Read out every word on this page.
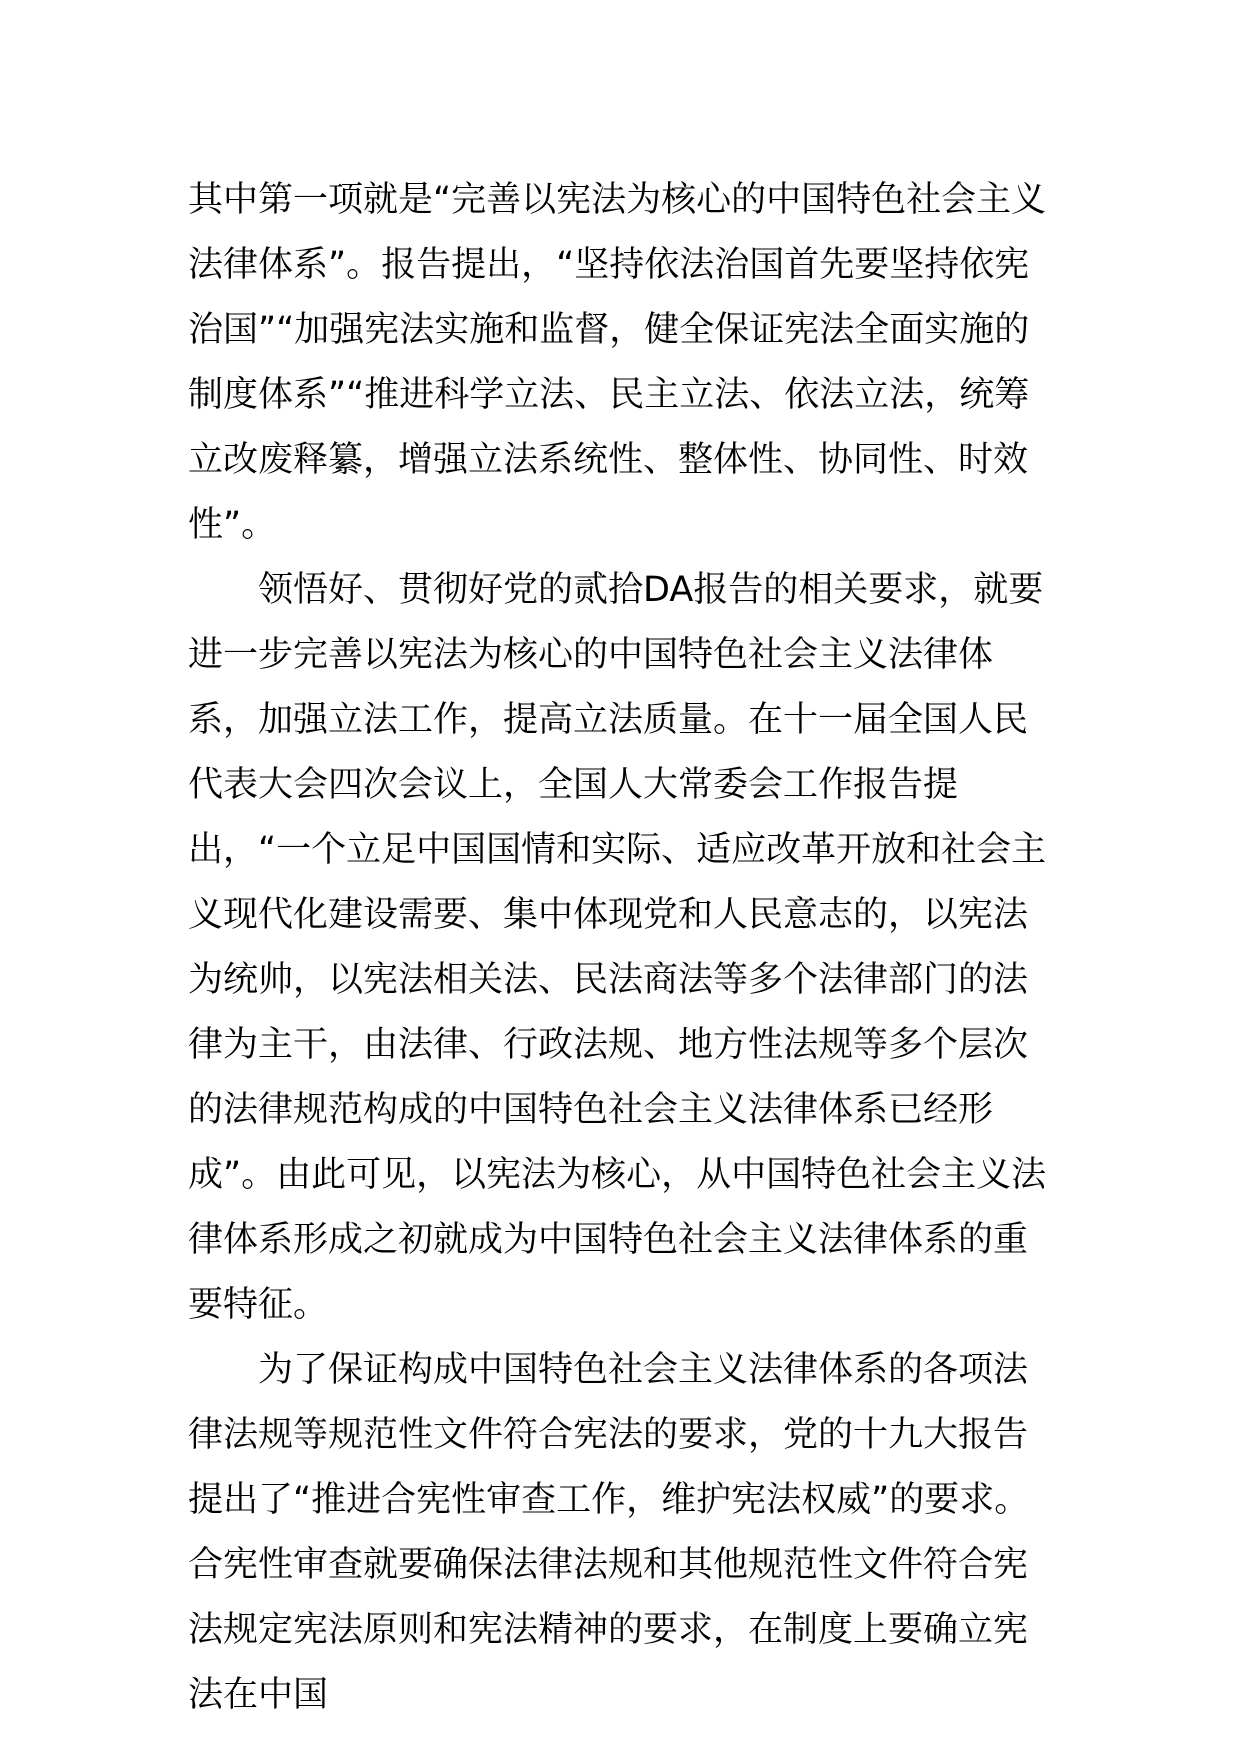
其中第一项就是“完善以宪法为核心的中国特色社会主义法律体系”。报告提出，“坚持依法治国首先要坚持依宪治国”“加强宪法实施和监督，健全保证宪法全面实施的制度体系”“推进科学立法、民主立法、依法立法，统筹立改废释纂，增强立法系统性、整体性、协同性、时效性”。

领悟好、贯彻好党的贰拾DA报告的相关要求，就要进一步完善以宪法为核心的中国特色社会主义法律体系，加强立法工作，提高立法质量。在十一届全国人民代表大会四次会议上，全国人大常委会工作报告提出，“一个立足中国国情和实际、适应改革开放和社会主义现代化建设需要、集中体现党和人民意志的，以宪法为统帅，以宪法相关法、民法商法等多个法律部门的法律为主干，由法律、行政法规、地方性法规等多个层次的法律规范构成的中国特色社会主义法律体系已经形成”。由此可见，以宪法为核心，从中国特色社会主义法律体系形成之初就成为中国特色社会主义法律体系的重要特征。

为了保证构成中国特色社会主义法律体系的各项法律法规等规范性文件符合宪法的要求，党的十九大报告提出了“推进合宪性审查工作，维护宪法权威”的要求。合宪性审查就要确保法律法规和其他规范性文件符合宪法规定宪法原则和宪法精神的要求，在制度上要确立宪法在中国
